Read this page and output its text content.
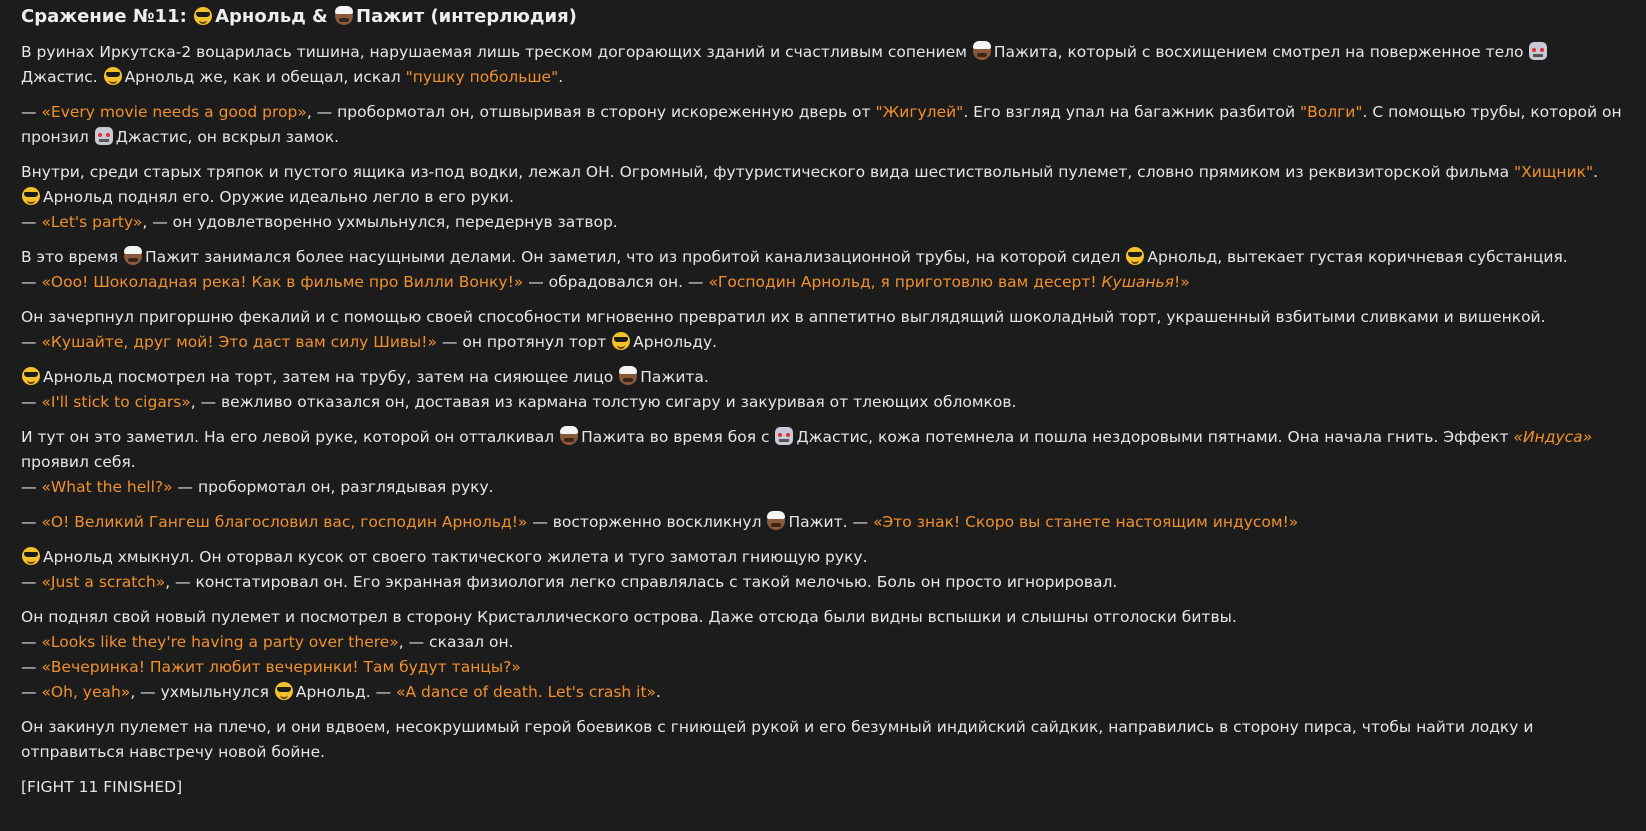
Сражение №11: Арнольд & Пажит (интерлюдия)

В руинах Иркутска-2 воцарилась тишина, нарушаемая лишь треском догорающих зданий и счастливым сопением Пажита, который с восхищением смотрел на поверженное тело
Джастис. Арнольд же, как и обещал, искал "пушку побольше".

— «Every movie needs a good prop», — пробормотал он, отшвыривая в сторону искореженную дверь от "Жигулей". Его взгляд упал на багажник разбитой "Волги". С помощью трубы, которой он пронзил Джастис, он вскрыл замок.

Внутри, среди старых тряпок и пустого ящика из-под водки, лежал ОН. Огромный, футуристического вида шестиствольный пулемет, словно прямиком из реквизиторской фильма "Хищник".
Арнольд поднял его. Оружие идеально легло в его руки.
— «Let's party», — он удовлетворенно ухмыльнулся, передернув затвор.

В это время Пажит занимался более насущными делами. Он заметил, что из пробитой канализационной трубы, на которой сидел Арнольд, вытекает густая коричневая субстанция.
— «Ооо! Шоколадная река! Как в фильме про Вилли Вонку!» — обрадовался он. — «Господин Арнольд, я приготовлю вам десерт! Кушанья!»

Он зачерпнул пригоршню фекалий и с помощью своей способности мгновенно превратил их в аппетитно выглядящий шоколадный торт, украшенный взбитыми сливками и вишенкой.
— «Кушайте, друг мой! Это даст вам силу Шивы!» — он протянул торт Арнольду.

Арнольд посмотрел на торт, затем на трубу, затем на сияющее лицо Пажита.
— «I'll stick to cigars», — вежливо отказался он, доставая из кармана толстую сигару и закуривая от тлеющих обломков.

И тут он это заметил. На его левой руке, которой он отталкивал Пажита во время боя с Джастис, кожа потемнела и пошла нездоровыми пятнами. Она начала гнить. Эффект «Индуса» проявил себя.
— «What the hell?» — пробормотал он, разглядывая руку.

— «О! Великий Гангеш благословил вас, господин Арнольд!» — восторженно воскликнул Пажит. — «Это знак! Скоро вы станете настоящим индусом!»

Арнольд хмыкнул. Он оторвал кусок от своего тактического жилета и туго замотал гниющую руку.
— «Just a scratch», — констатировал он. Его экранная физиология легко справлялась с такой мелочью. Боль он просто игнорировал.

Он поднял свой новый пулемет и посмотрел в сторону Кристаллического острова. Даже отсюда были видны вспышки и слышны отголоски битвы.
— «Looks like they're having a party over there», — сказал он.
— «Вечеринка! Пажит любит вечеринки! Там будут танцы?»
— «Oh, yeah», — ухмыльнулся Арнольд. — «A dance of death. Let's crash it».

Он закинул пулемет на плечо, и они вдвоем, несокрушимый герой боевиков с гниющей рукой и его безумный индийский сайдкик, направились в сторону пирса, чтобы найти лодку и отправиться навстречу новой бойне.

[FIGHT 11 FINISHED]
